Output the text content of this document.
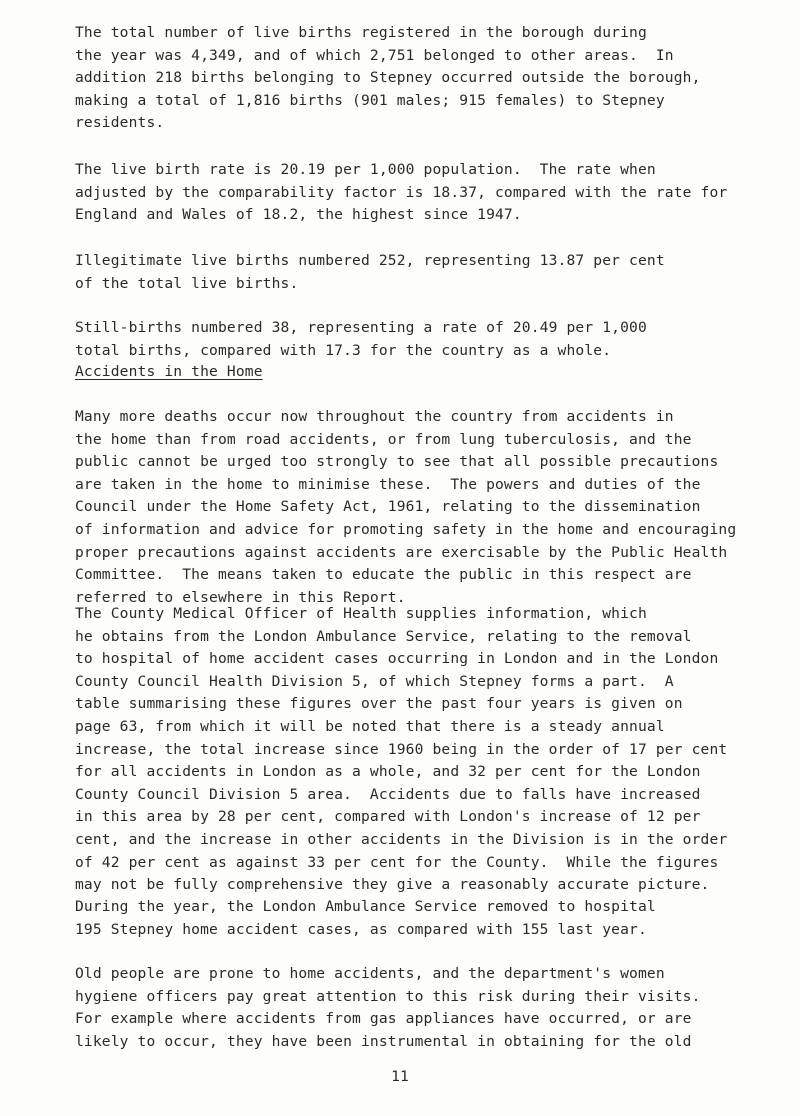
The total number of live births registered in the borough during
the year was 4,349, and of which 2,751 belonged to other areas.  In
addition 218 births belonging to Stepney occurred outside the borough,
making a total of 1,816 births (901 males; 915 females) to Stepney
residents.

The live birth rate is 20.19 per 1,000 population.  The rate when
adjusted by the comparability factor is 18.37, compared with the rate for
England and Wales of 18.2, the highest since 1947.

Illegitimate live births numbered 252, representing 13.87 per cent
of the total live births.

Still-births numbered 38, representing a rate of 20.49 per 1,000
total births, compared with 17.3 for the country as a whole.

Accidents in the Home

Many more deaths occur now throughout the country from accidents in
the home than from road accidents, or from lung tuberculosis, and the
public cannot be urged too strongly to see that all possible precautions
are taken in the home to minimise these.  The powers and duties of the
Council under the Home Safety Act, 1961, relating to the dissemination
of information and advice for promoting safety in the home and encouraging
proper precautions against accidents are exercisable by the Public Health
Committee.  The means taken to educate the public in this respect are
referred to elsewhere in this Report.

The County Medical Officer of Health supplies information, which
he obtains from the London Ambulance Service, relating to the removal
to hospital of home accident cases occurring in London and in the London
County Council Health Division 5, of which Stepney forms a part.  A
table summarising these figures over the past four years is given on
page 63, from which it will be noted that there is a steady annual
increase, the total increase since 1960 being in the order of 17 per cent
for all accidents in London as a whole, and 32 per cent for the London
County Council Division 5 area.  Accidents due to falls have increased
in this area by 28 per cent, compared with London's increase of 12 per
cent, and the increase in other accidents in the Division is in the order
of 42 per cent as against 33 per cent for the County.  While the figures
may not be fully comprehensive they give a reasonably accurate picture.

During the year, the London Ambulance Service removed to hospital
195 Stepney home accident cases, as compared with 155 last year.

Old people are prone to home accidents, and the department's women
hygiene officers pay great attention to this risk during their visits.
For example where accidents from gas appliances have occurred, or are
likely to occur, they have been instrumental in obtaining for the old

11
